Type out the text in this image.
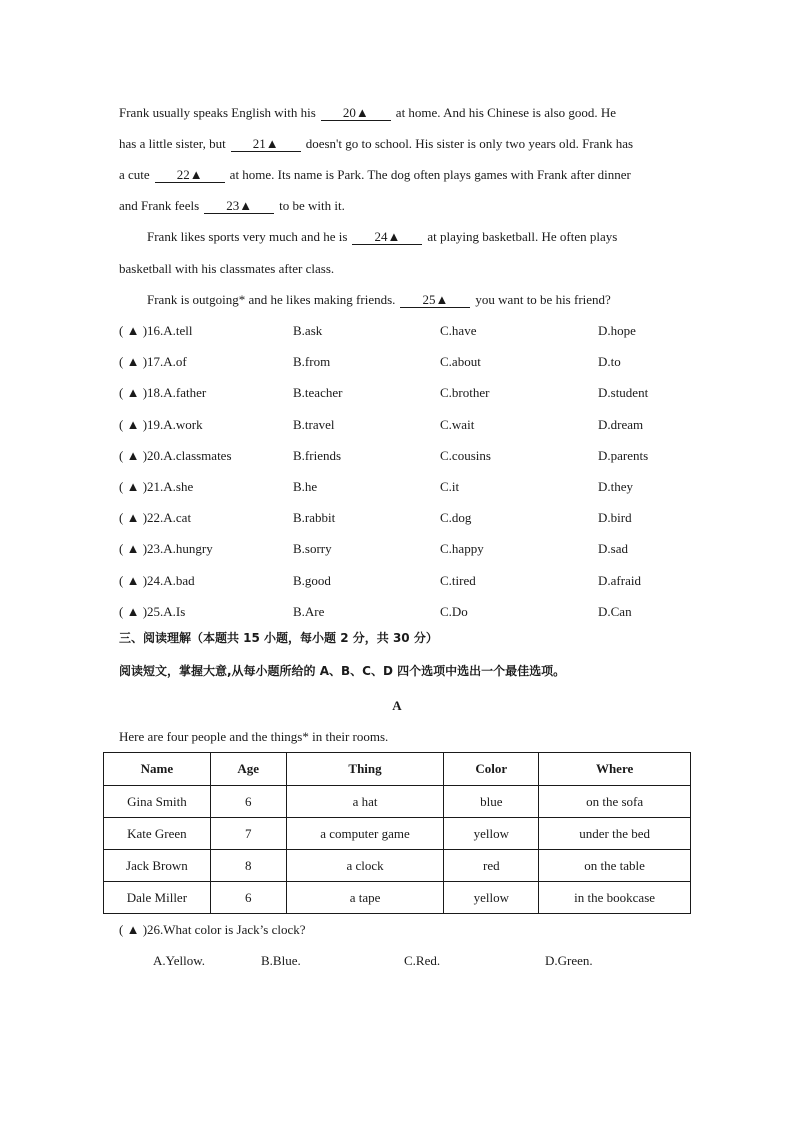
Frank usually speaks English with his 20▲ at home. And his Chinese is also good. He
has a little sister, but 21▲ doesn't go to school. His sister is only two years old. Frank has
a cute 22▲ at home. Its name is Park. The dog often plays games with Frank after dinner
and Frank feels 23▲ to be with it.
Frank likes sports very much and he is 24▲ at playing basketball. He often plays
basketball with his classmates after class.
Frank is outgoing* and he likes making friends. 25▲ you want to be his friend?
( ▲ )16.A.tell	B.ask	C.have	D.hope
( ▲ )17.A.of	B.from	C.about	D.to
( ▲ )18.A.father	B.teacher	C.brother	D.student
( ▲ )19.A.work	B.travel	C.wait	D.dream
( ▲ )20.A.classmates	B.friends	C.cousins	D.parents
( ▲ )21.A.she	B.he	C.it	D.they
( ▲ )22.A.cat	B.rabbit	C.dog	D.bird
( ▲ )23.A.hungry	B.sorry	C.happy	D.sad
( ▲ )24.A.bad	B.good	C.tired	D.afraid
( ▲ )25.A.Is	B.Are	C.Do	D.Can
三、阅读理解（本题共 15 小题，每小题 2 分，共 30 分）
阅读短文，掌握大意,从每小题所给的 A、B、C、D 四个选项中选出一个最佳选项。
A
Here are four people and the things* in their rooms.
Name	Age	Thing	Color	Where
Gina Smith	6	a hat	blue	on the sofa
Kate Green	7	a computer game	yellow	under the bed
Jack Brown	8	a clock	red	on the table
Dale Miller	6	a tape	yellow	in the bookcase
( ▲ )26.What color is Jack’s clock?
A.Yellow.	B.Blue.	C.Red.	D.Green.
